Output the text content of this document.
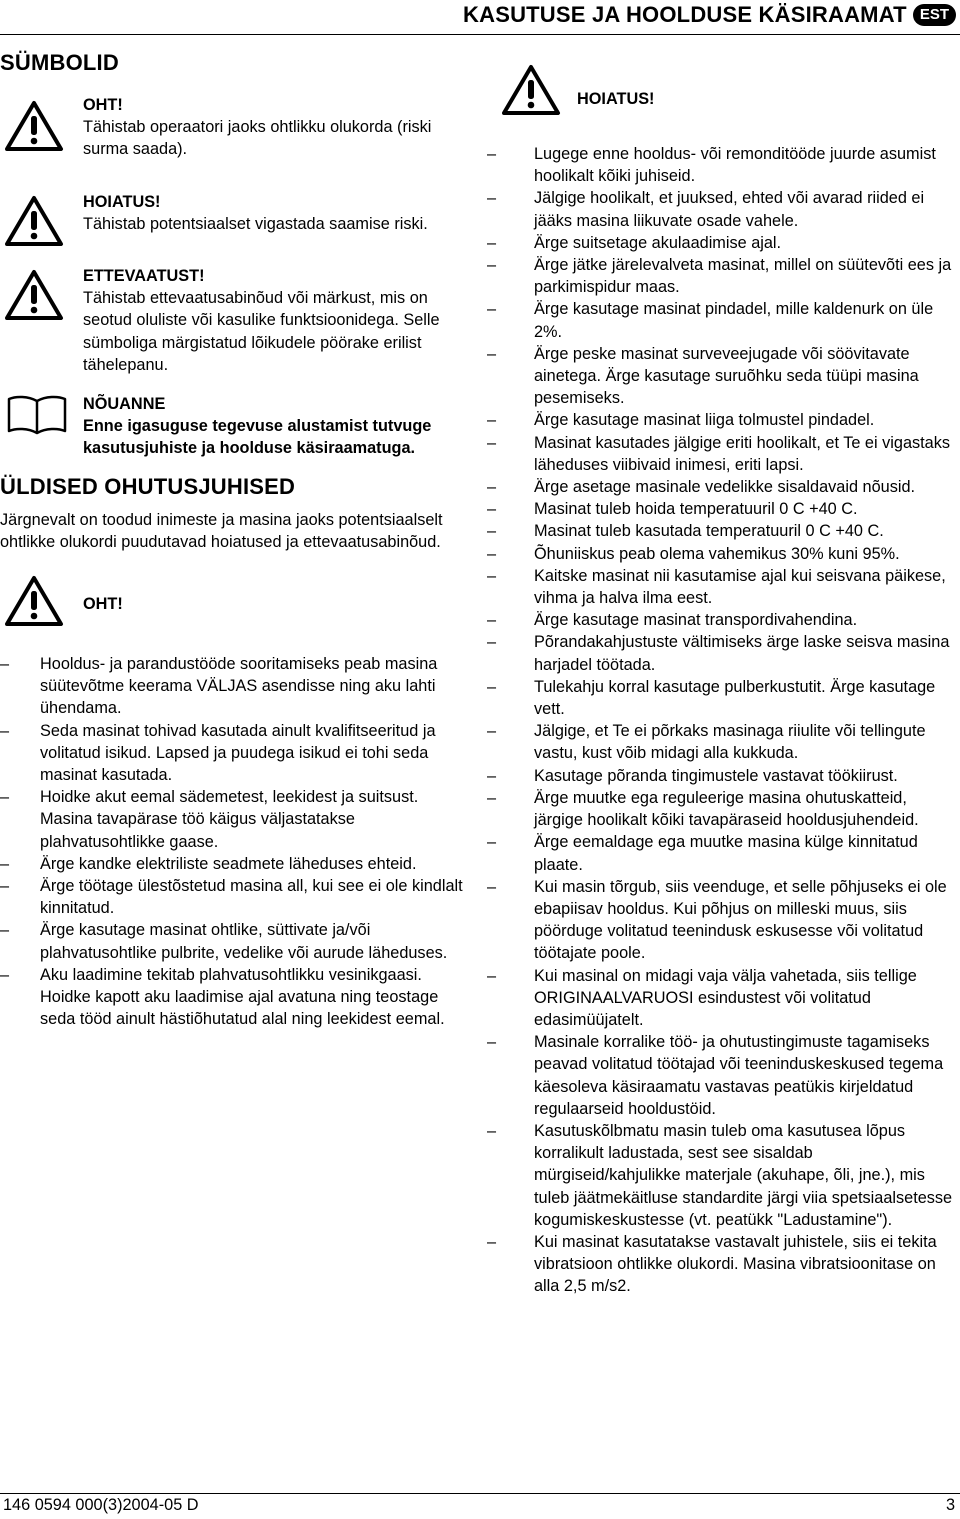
KASUTUSE JA HOOLDUSE KÄSIRAAMAT EST
SÜMBOLID
OHT!
Tähistab operaatori jaoks ohtlikku olukorda (riski surma saada).
HOIATUS!
Tähistab potentsiaalset vigastada saamise riski.
ETTEVAATUST!
Tähistab ettevaatusabinõud või märkust, mis on seotud oluliste või kasulike funktsioonidega. Selle sümboliga märgistatud lõikudele pöörake erilist tähelepanu.
NÕUANNE
Enne igasuguse tegevuse alustamist tutvuge kasutusjuhiste ja hoolduse käsiraamatuga.
ÜLDISED OHUTUSJUHISED
Järgnevalt on toodud inimeste ja masina jaoks potentsiaalselt ohtlikke olukordi puudutavad hoiatused ja ettevaatusabinõud.
OHT!
– Hooldus- ja parandustööde sooritamiseks peab masina süütevõtme keerama VÄLJAS asendisse ning aku lahti ühendama.
– Seda masinat tohivad kasutada ainult kvalifitseeritud ja volitatud isikud. Lapsed ja puudega isikud ei tohi seda masinat kasutada.
– Hoidke akut eemal sädemetest, leekidest ja suitsust. Masina tavapärase töö käigus väljastatakse plahvatusohtlikke gaase.
– Ärge kandke elektriliste seadmete läheduses ehteid.
– Ärge töötage ülestõstetud masina all, kui see ei ole kindlalt kinnitatud.
– Ärge kasutage masinat ohtlike, süttivate ja/või plahvatusohtlike pulbrite, vedelike või aurude läheduses.
– Aku laadimine tekitab plahvatusohtlikku vesinikgaasi. Hoidke kapott aku laadimise ajal avatuna ning teostage seda tööd ainult hästiõhutatud alal ning leekidest eemal.
HOIATUS!
– Lugege enne hooldus- või remonditööde juurde asumist hoolikalt kõiki juhiseid.
– Jälgige hoolikalt, et juuksed, ehted või avarad riided ei jääks masina liikuvate osade vahele.
– Ärge suitsetage akulaadimise ajal.
– Ärge jätke järelevalveta masinat, millel on süütevõti ees ja parkimispidur maas.
– Ärge kasutage masinat pindadel, mille kaldenurk on üle 2%.
– Ärge peske masinat surveveejugade või söövitavate ainetega. Ärge kasutage suruõhku seda tüüpi masina pesemiseks.
– Ärge kasutage masinat liiga tolmustel pindadel.
– Masinat kasutades jälgige eriti hoolikalt, et Te ei vigastaks läheduses viibivaid inimesi, eriti lapsi.
– Ärge asetage masinale vedelikke sisaldavaid nõusid.
– Masinat tuleb hoida temperatuuril 0 C +40 C.
– Masinat tuleb kasutada temperatuuril 0 C +40 C.
– Õhuniiskus peab olema vahemikus 30% kuni 95%.
– Kaitske masinat nii kasutamise ajal kui seisvana päikese, vihma ja halva ilma eest.
– Ärge kasutage masinat transpordivahendina.
– Põrandakahjustuste vältimiseks ärge laske seisva masina harjadel töötada.
– Tulekahju korral kasutage pulberkustutit. Ärge kasutage vett.
– Jälgige, et Te ei põrkaks masinaga riiulite või tellingute vastu, kust võib midagi alla kukkuda.
– Kasutage põranda tingimustele vastavat töökiirust.
– Ärge muutke ega reguleerige masina ohutuskatteid, järgige hoolikalt kõiki tavapäraseid hooldusjuhendeid.
– Ärge eemaldage ega muutke masina külge kinnitatud plaate.
– Kui masin tõrgub, siis veenduge, et selle põhjuseks ei ole ebapiisav hooldus. Kui põhjus on milleski muus, siis pöörduge volitatud teenindusk eskusesse või volitatud töötajate poole.
– Kui masinal on midagi vaja välja vahetada, siis tellige ORIGINAALVARUOSI esindustest või volitatud edasimüüjatelt.
– Masinale korralike töö- ja ohutustingimuste tagamiseks peavad volitatud töötajad või teeninduskeskused tegema käesoleva käsiraamatu vastavas peatükis kirjeldatud regulaarseid hooldustöid.
– Kasutuskõlbmatu masin tuleb oma kasutusea lõpus korralikult ladustada, sest see sisaldab mürgiseid/kahjulikke materjale (akuhape, õli, jne.), mis tuleb jäätmekäitluse standardite järgi viia spetsiaalsetesse kogumiskeskustesse (vt. peatükk "Ladustamine").
– Kui masinat kasutatakse vastavalt juhistele, siis ei tekita vibratsioon ohtlikke olukordi. Masina vibratsioonitase on alla 2,5 m/s2.
146 0594 000(3)2004-05 D	3
